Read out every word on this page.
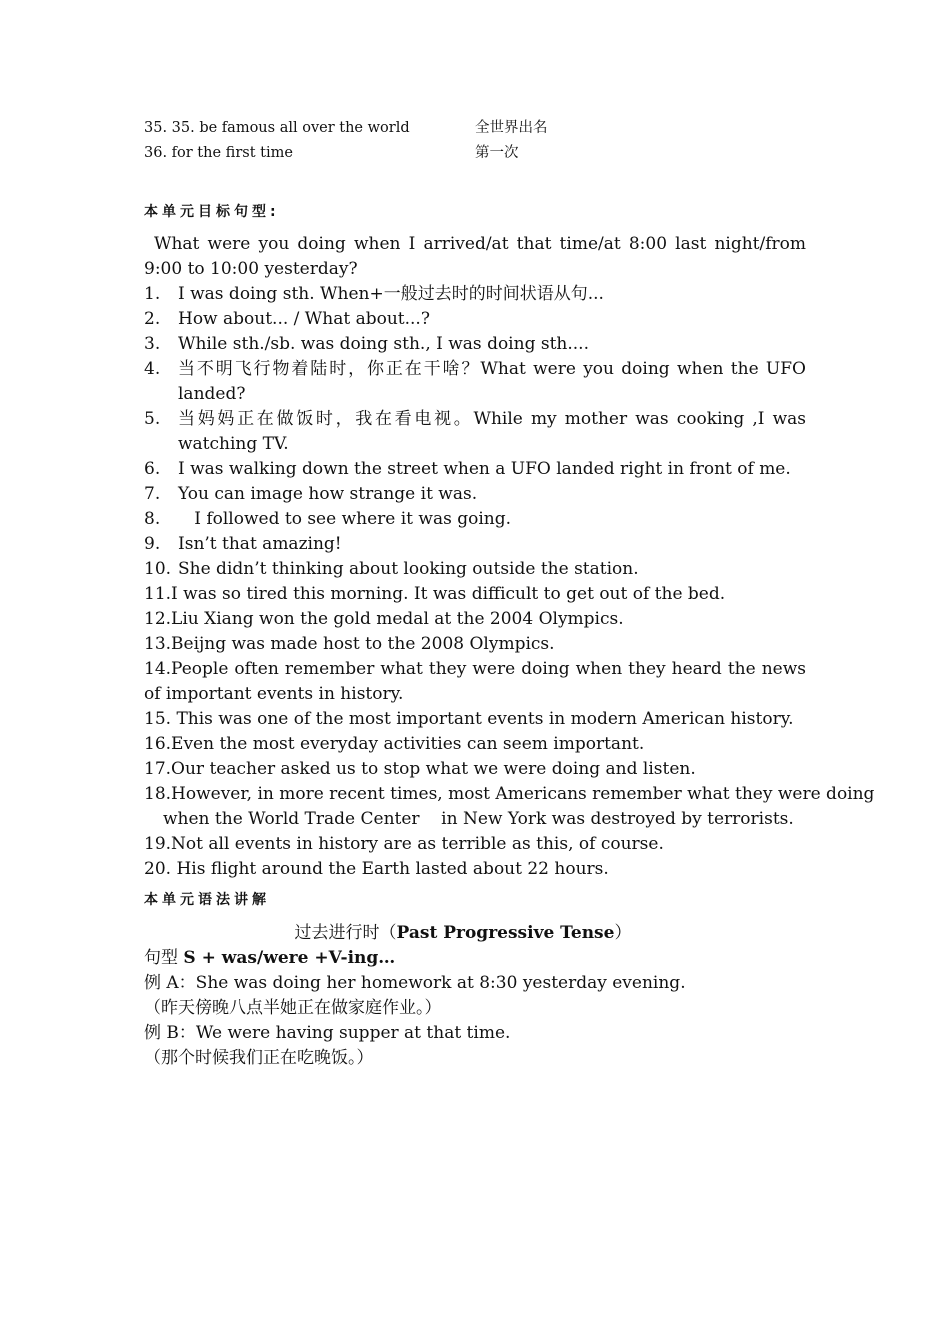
35. 35. be famous all over the world	全世界出名
36. for the first time	第一次
本单元目标句型:
What were you doing when I arrived/at that time/at 8:00 last night/from 9:00 to 10:00 yesterday?
1.	I was doing sth. When+一般过去时的时间状语从句...
2.	How about... / What about...?
3.	While sth./sb. was doing sth., I was doing sth....
4.	当不明飞行物着陆时，你正在干啥？What were you doing when the UFO landed?
5.	当妈妈正在做饭时，我在看电视。While my mother was cooking ,I was watching TV.
6.	I was walking down the street when a UFO landed right in front of me.
7.	You can image how strange it was.
8.	I followed to see where it was going.
9.	Isn’t that amazing!
10. She didn’t thinking about looking outside the station.
11.I was so tired this morning. It was difficult to get out of the bed.
12.Liu Xiang won the gold medal at the 2004 Olympics.
13.Beijng was made host to the 2008 Olympics.
14.People often remember what they were doing when they heard the news of important events in history.
15. This was one of the most important events in modern American history.
16.Even the most everyday activities can seem important.
17.Our teacher asked us to stop what we were doing and listen.
18.However, in more recent times, most Americans remember what they were doing
when the World Trade Center    in New York was destroyed by terrorists.
19.Not all events in history are as terrible as this, of course.
20. His flight around the Earth lasted about 22 hours.
本单元语法讲解
过去进行时（Past Progressive Tense）
句型 S + was/were +V-ing…
例 A：She was doing her homework at 8:30 yesterday evening.
（昨天傍晚八点半她正在做家庭作业。）
例 B：We were having supper at that time.
（那个时候我们正在吃晚饭。）
